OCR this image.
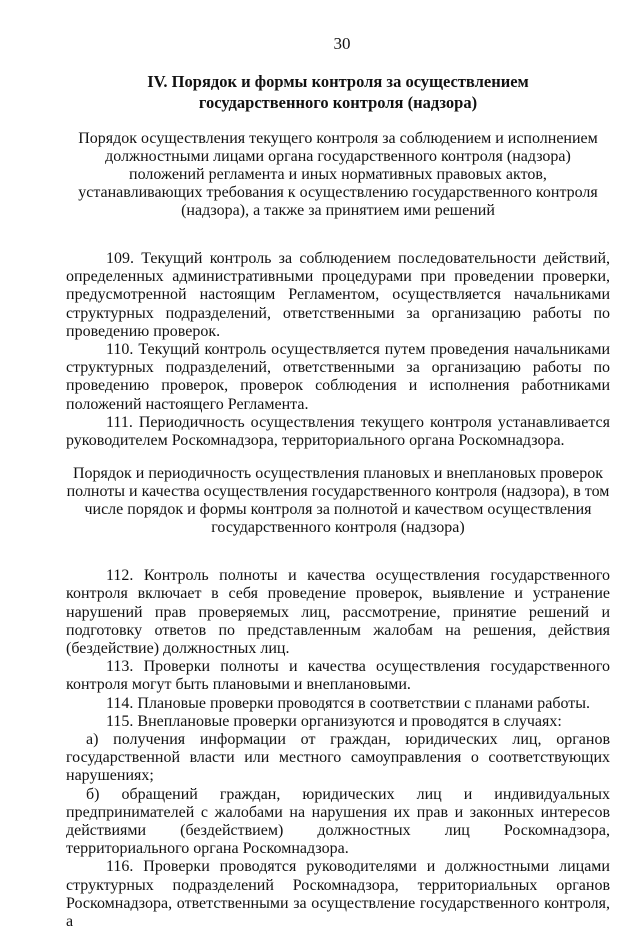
30
IV. Порядок и формы контроля за осуществлением
государственного контроля (надзора)

Порядок осуществления текущего контроля за соблюдением и исполнением должностными лицами органа государственного контроля (надзора) положений регламента и иных нормативных правовых актов, устанавливающих требования к осуществлению государственного контроля (надзора), а также за принятием ими решений

109. Текущий контроль за соблюдением последовательности действий, определенных административными процедурами при проведении проверки, предусмотренной настоящим Регламентом, осуществляется начальниками структурных подразделений, ответственными за организацию работы по проведению проверок.

110. Текущий контроль осуществляется путем проведения начальниками структурных подразделений, ответственными за организацию работы по проведению проверок, проверок соблюдения и исполнения работниками положений настоящего Регламента.

111. Периодичность осуществления текущего контроля устанавливается руководителем Роскомнадзора, территориального органа Роскомнадзора.

Порядок и периодичность осуществления плановых и внеплановых проверок полноты и качества осуществления государственного контроля (надзора), в том числе порядок и формы контроля за полнотой и качеством осуществления государственного контроля (надзора)

112. Контроль полноты и качества осуществления государственного контроля включает в себя проведение проверок, выявление и устранение нарушений прав проверяемых лиц, рассмотрение, принятие решений и подготовку ответов по представленным жалобам на решения, действия (бездействие) должностных лиц.

113. Проверки полноты и качества осуществления государственного контроля могут быть плановыми и внеплановыми.

114. Плановые проверки проводятся в соответствии с планами работы.

115. Внеплановые проверки организуются и проводятся в случаях:

а) получения информации от граждан, юридических лиц, органов государственной власти или местного самоуправления о соответствующих нарушениях;

б) обращений граждан, юридических лиц и индивидуальных предпринимателей с жалобами на нарушения их прав и законных интересов действиями (бездействием) должностных лиц Роскомнадзора, территориального органа Роскомнадзора.

116. Проверки проводятся руководителями и должностными лицами структурных подразделений Роскомнадзора, территориальных органов Роскомнадзора, ответственными за осуществление государственного контроля, а
